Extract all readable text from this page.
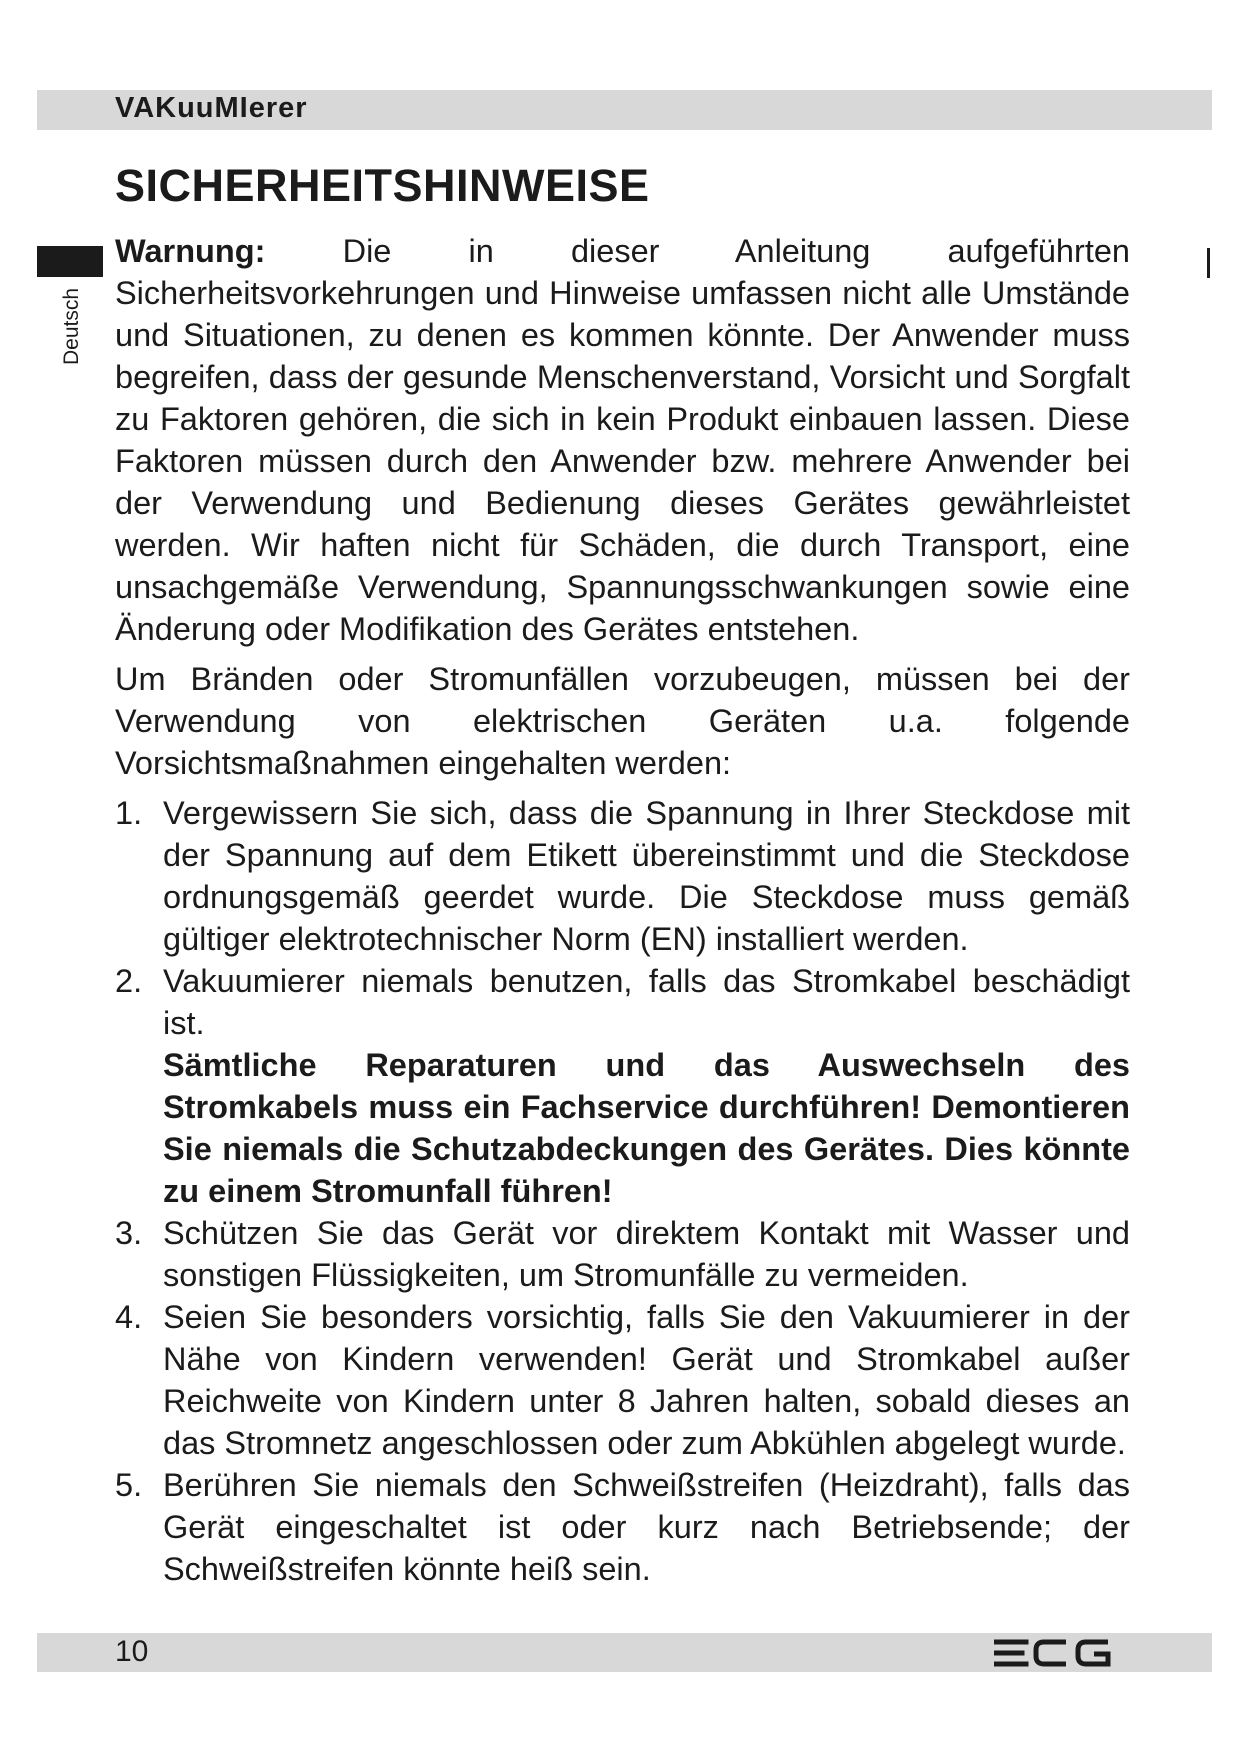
VAKuuMIerer
SICHERHEITSHINWEISE
Deutsch

Warnung: Die in dieser Anleitung aufgeführten Sicherheitsvorkehrungen und Hinweise umfassen nicht alle Umstände und Situationen, zu denen es kommen könnte. Der Anwender muss begreifen, dass der gesunde Menschenverstand, Vorsicht und Sorgfalt zu Faktoren gehören, die sich in kein Produkt einbauen lassen. Diese Faktoren müssen durch den Anwender bzw. mehrere Anwender bei der Verwendung und Bedienung dieses Gerätes gewährleistet werden. Wir haften nicht für Schäden, die durch Transport, eine unsachgemäße Verwendung, Spannungsschwankungen sowie eine Änderung oder Modifikation des Gerätes entstehen.

Um Bränden oder Stromunfällen vorzubeugen, müssen bei der Verwendung von elektrischen Geräten u.a. folgende Vorsichtsmaßnahmen eingehalten werden:

1. Vergewissern Sie sich, dass die Spannung in Ihrer Steckdose mit der Spannung auf dem Etikett übereinstimmt und die Steckdose ordnungsgemäß geerdet wurde. Die Steckdose muss gemäß gültiger elektrotechnischer Norm (EN) installiert werden.
2. Vakuumierer niemals benutzen, falls das Stromkabel beschädigt ist.
Sämtliche Reparaturen und das Auswechseln des Stromkabels muss ein Fachservice durchführen! Demontieren Sie niemals die Schutzabdeckungen des Gerätes. Dies könnte zu einem Stromunfall führen!
3. Schützen Sie das Gerät vor direktem Kontakt mit Wasser und sonstigen Flüssigkeiten, um Stromunfälle zu vermeiden.
4. Seien Sie besonders vorsichtig, falls Sie den Vakuumierer in der Nähe von Kindern verwenden! Gerät und Stromkabel außer Reichweite von Kindern unter 8 Jahren halten, sobald dieses an das Stromnetz angeschlossen oder zum Abkühlen abgelegt wurde.
5. Berühren Sie niemals den Schweißstreifen (Heizdraht), falls das Gerät eingeschaltet ist oder kurz nach Betriebsende; der Schweißstreifen könnte heiß sein.
10
